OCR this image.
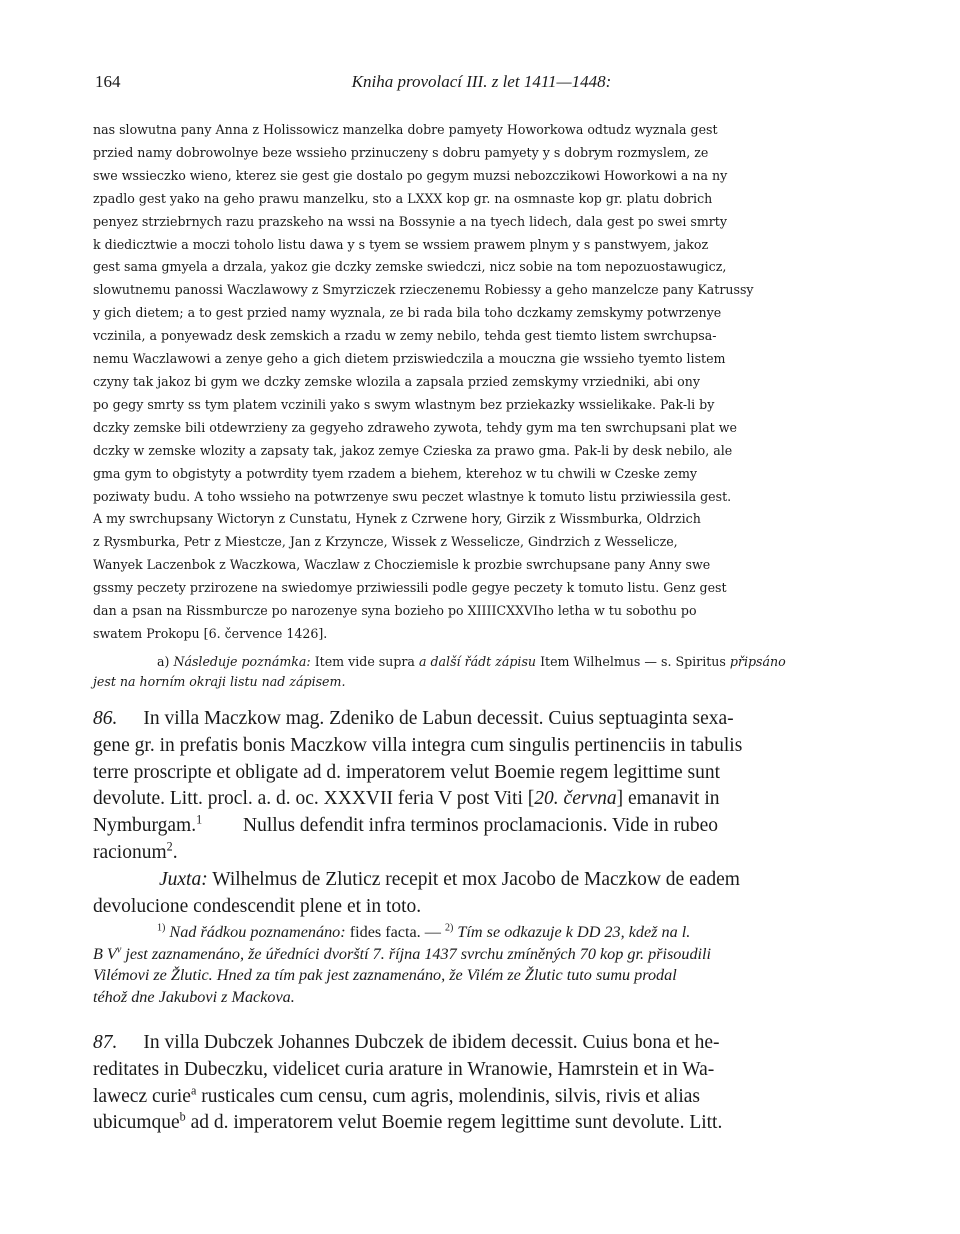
164	Kniha provolací III. z let 1411—1448:
nas slowutna pany Anna z Holissowicz manzelka dobre pamyety Howorkowa odtudz wyznala gest
przied namy dobrowolnye beze wssieho przinuczeny s dobru pamyety y s dobrym rozmyslem, ze
swe wssieczko wieno, kterez sie gest gie dostalo po gegym muzsi nebozczikowi Howorkowi a na ny
zpadlo gest yako na geho prawu manzelku, sto a LXXX kop gr. na osmnaste kop gr. platu dobrich
penyez strziebrnych razu prazskeho na wssi na Bossynie a na tyech lidech, dala gest po swei smrty
k diedicztwie a moczi toholo listu dawa y s tyem se wssiem prawem plnym y s panstwyem, jakoz
gest sama gmyela a drzala, yakoz gie dczky zemske swiedczi, nicz sobie na tom nepozuostawugicz,
slowutnemu panossi Waczlawowy z Smyrziczek rzieczenemu Robiessy a geho manzelcze pany Katrussy
y gich dietem; a to gest przied namy wyznala, ze bi rada bila toho dczkamy zemskymy potwrzenye
vczinila, a ponyewadz desk zemskich a rzadu w zemy nebilo, tehda gest tiemto listem swrchupsa-
nemu Waczlawowi a zenye geho a gich dietem prziswiedczila a mouczna gie wssieho tyemto listem
czyny tak jakoz bi gym we dczky zemske wlozila a zapsala przied zemskymy vrziedniki, abi ony
po gegy smrty ss tym platem vczinili yako s swym wlastnym bez prziekazky wssielikake. Pak-li by
dczky zemske bili otdewrzieny za gegyeho zdraweho zywota, tehdy gym ma ten swrchupsani plat we
dczky w zemske wlozity a zapsaty tak, jakoz zemye Czieska za prawo gma. Pak-li by desk nebilo, ale
gma gym to obgistyty a potwrdity tyem rzadem a biehem, kterehoz w tu chwili w Czeske zemy
poziwaty budu. A toho wssieho na potwrzenye swu peczet wlastnye k tomuto listu prziwiessila gest.
A my swrchupsany Wictoryn z Cunstatu, Hynek z Czrwene hory, Girzik z Wissmburka, Oldrzich
z Rysmburka, Petr z Miestcze, Jan z Krzyncze, Wissek z Wesselicze, Gindrzich z Wesselicze,
Wanyek Laczenbok z Waczkowa, Waczlaw z Chocziemisle k prozbie swrchupsane pany Anny swe
gssmy peczety przirozene na swiedomye prziwiessili podle gegye peczety k tomuto listu. Genz gest
dan a psan na Rissmburcze po narozenye syna bozieho po XIIIICXXVIho letha w tu sobothu po
swatem Prokopu [6. července 1426].

a) Následuje poznámka: Item vide supra a další řádt zápisu Item Wilhelmus — s. Spiritus připsáno

jest na horním okraji listu nad zápisem.
86. In villa Maczkow mag. Zdeniko de Labun decessit. Cuius septuaginta sexa-
gene gr. in prefatis bonis Maczkow villa integra cum singulis pertinenciis in tabulis
terre proscripte et obligate ad d. imperatorem velut Boemie regem legittime sunt
devolute. Litt. procl. a. d. oc. XXXVII feria V post Viti [20. června] emanavit in
Nymburgam.$^1$ Nullus defendit infra terminos proclamacionis. Vide in rubeo
racionum$^2$.
Juxta: Wilhelmus de Zluticz recepit et mox Jacobo de Maczkow de eadem
devolucione condescendit plene et in toto.

$^{1)}$ Nad řádkou poznamenáno: fides facta. — $^{2)}$ Tím se odkazuje k DD 23, kdež na l.

B $V^v$ jest zaznamenáno, že úředníci dvorští 7. října 1437 svrchu zmíněných 70 kop gr. přisoudili
Vilémovi ze Žlutic. Hned za tím pak jest zaznamenáno, že Vilém ze Žlutic tuto sumu prodal
téhož dne Jakubovi z Mackova.
87. In villa Dubczek Johannes Dubczek de ibidem decessit. Cuius bona et he-
reditates in Dubeczku, videlicet curia arature in Wranowie, Hamrstein et in Wa-
lawecz curie$^a$ rusticales cum censu, cum agris, molendinis, silvis, rivis et alias
ubicumque$^b$ ad d. imperatorem velut Boemie regem legittime sunt devolute. Litt.
